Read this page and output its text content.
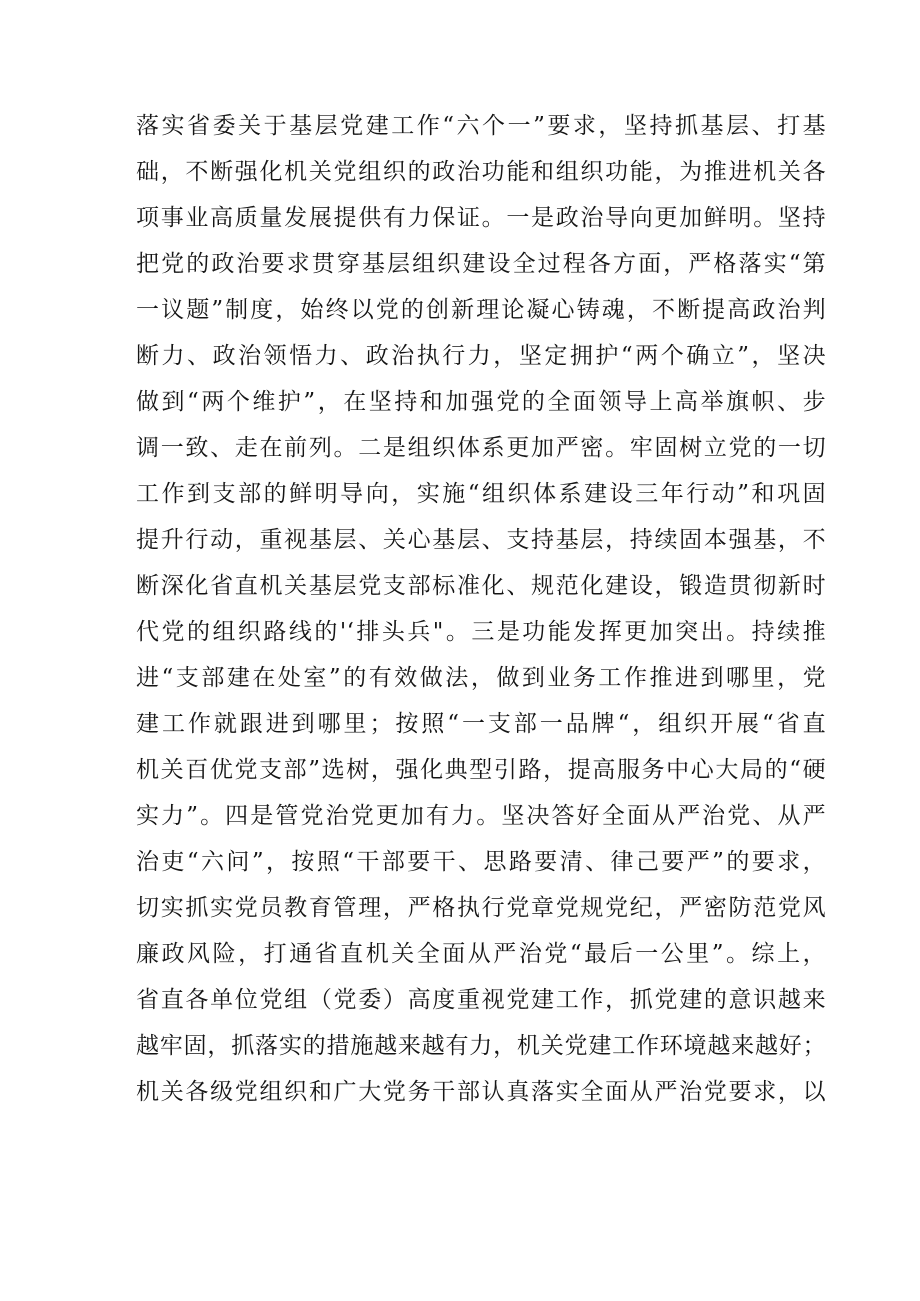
落实省委关于基层党建工作“六个一”要求，坚持抓基层、打基
础，不断强化机关党组织的政治功能和组织功能，为推进机关各
项事业高质量发展提供有力保证。一是政治导向更加鲜明。坚持
把党的政治要求贯穿基层组织建设全过程各方面，严格落实“第
一议题”制度，始终以党的创新理论凝心铸魂，不断提高政治判
断力、政治领悟力、政治执行力，坚定拥护“两个确立”，坚决
做到“两个维护”，在坚持和加强党的全面领导上高举旗帜、步
调一致、走在前列。二是组织体系更加严密。牢固树立党的一切
工作到支部的鲜明导向，实施“组织体系建设三年行动”和巩固
提升行动，重视基层、关心基层、支持基层，持续固本强基，不
断深化省直机关基层党支部标准化、规范化建设，锻造贯彻新时
代党的组织路线的'‘排头兵"。三是功能发挥更加突出。持续推
进“支部建在处室”的有效做法，做到业务工作推进到哪里，党
建工作就跟进到哪里；按照“一支部一品牌“，组织开展“省直
机关百优党支部”选树，强化典型引路，提高服务中心大局的“硬
实力”。四是管党治党更加有力。坚决答好全面从严治党、从严
治吏“六问”，按照“干部要干、思路要清、律己要严”的要求，
切实抓实党员教育管理，严格执行党章党规党纪，严密防范党风
廉政风险，打通省直机关全面从严治党“最后一公里”。综上，
省直各单位党组（党委）高度重视党建工作，抓党建的意识越来
越牢固，抓落实的措施越来越有力，机关党建工作环境越来越好；
机关各级党组织和广大党务干部认真落实全面从严治党要求，以
